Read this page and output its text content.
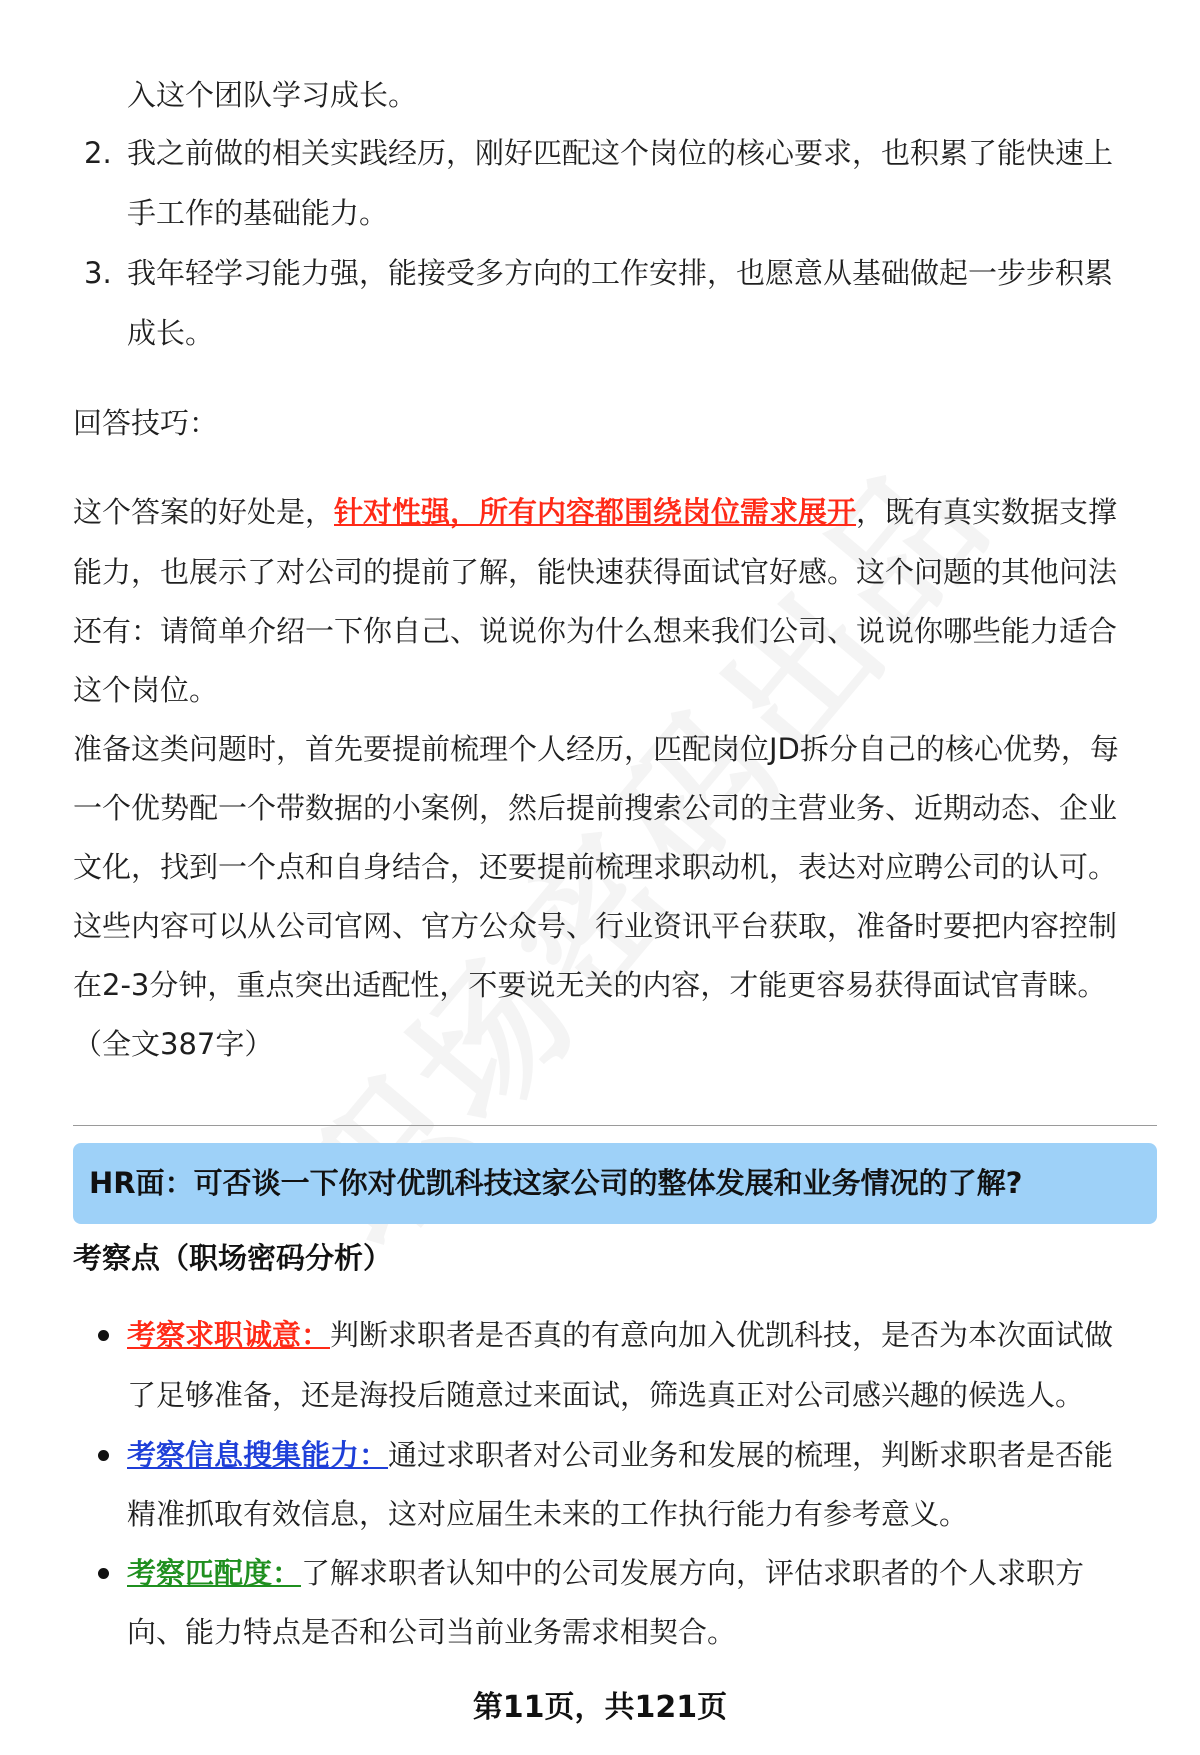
入这个团队学习成长。
2. 我之前做的相关实践经历，刚好匹配这个岗位的核心要求，也积累了能快速上
手工作的基础能力。
3. 我年轻学习能力强，能接受多方向的工作安排，也愿意从基础做起一步步积累
成长。
回答技巧：
这个答案的好处是，针对性强，所有内容都围绕岗位需求展开，既有真实数据支撑
能力，也展示了对公司的提前了解，能快速获得面试官好感。这个问题的其他问法
还有：请简单介绍一下你自己、说说你为什么想来我们公司、说说你哪些能力适合
这个岗位。
准备这类问题时，首先要提前梳理个人经历，匹配岗位JD拆分自己的核心优势，每
一个优势配一个带数据的小案例，然后提前搜索公司的主营业务、近期动态、企业
文化，找到一个点和自身结合，还要提前梳理求职动机，表达对应聘公司的认可。
这些内容可以从公司官网、官方公众号、行业资讯平台获取，准备时要把内容控制
在2-3分钟，重点突出适配性，不要说无关的内容，才能更容易获得面试官青睐。
（全文387字）
HR面：可否谈一下你对优凯科技这家公司的整体发展和业务情况的了解?
考察点（职场密码分析）
考察求职诚意：判断求职者是否真的有意向加入优凯科技，是否为本次面试做
了足够准备，还是海投后随意过来面试，筛选真正对公司感兴趣的候选人。
考察信息搜集能力：通过求职者对公司业务和发展的梳理，判断求职者是否能
精准抓取有效信息，这对应届生未来的工作执行能力有参考意义。
考察匹配度：了解求职者认知中的公司发展方向，评估求职者的个人求职方
向、能力特点是否和公司当前业务需求相契合。
第11页，共121页
